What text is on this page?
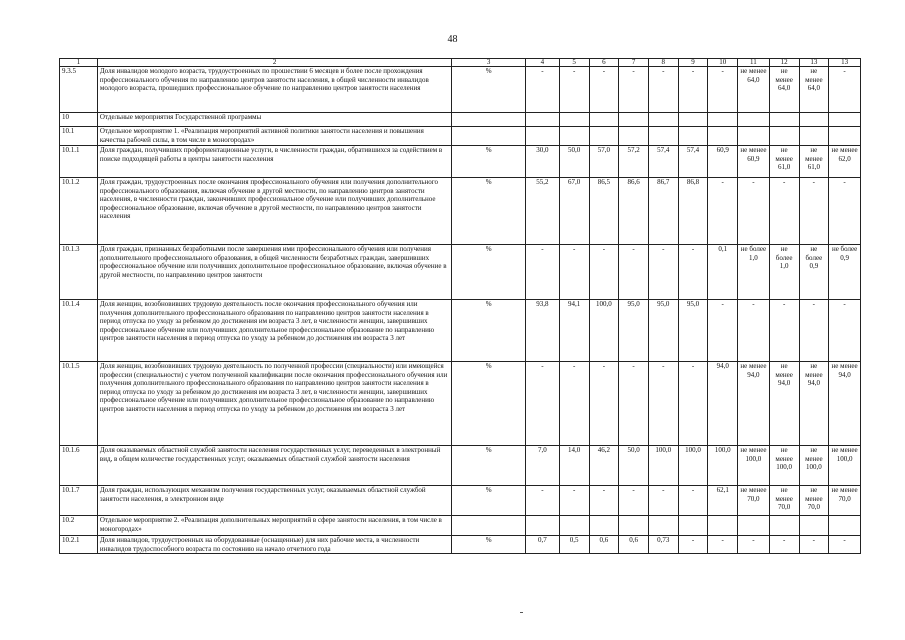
48
1	2	3	4	5	6	7	8	9	10	11	12	13	13
9.3.5	Доля инвалидов молодого возраста, трудоустроенных по прошествии 6 месяцев и более после прохождения профессионального обучения по направлению центров занятости населения, в общей численности инвалидов молодого возраста, прошедших профессиональное обучение по направлению центров занятости населения	%	-	-	-	-	-	-	-	не менее 64,0	не менее 64,0	не менее 64,0	-
10	Отдельные мероприятия Государственной программы												
10.1	Отдельное мероприятие 1. «Реализация мероприятий активной политики занятости населения и повышения качества рабочей силы, в том числе в моногородах»												
10.1.1	Доля граждан, получивших профориентационные услуги, в численности граждан, обратившихся за содействием в поиске подходящей работы в центры занятости населения	%	30,0	50,0	57,0	57,2	57,4	57,4	60,9	не менее 60,9	не менее 61,0	не менее 61,0	не менее 62,0
10.1.2	Доля граждан, трудоустроенных после окончания профессионального обучения или получения дополнительного профессионального образования, включая обучение в другой местности, по направлению центров занятости населения, в численности граждан, закончивших профессиональное обучение или получивших дополнительное профессиональное образование, включая обучение в другой местности, по направлению центров занятости населения	%	55,2	67,0	86,5	86,6	86,7	86,8	-	-	-	-	-
10.1.3	Доля граждан, признанных безработными после завершения ими профессионального обучения или получения дополнительного профессионального образования, в общей численности безработных граждан, завершивших профессиональное обучение или получивших дополнительное профессиональное образование, включая обучение в другой местности, по направлению центров занятости	%	-	-	-	-	-	-	0,1	не более 1,0	не более 1,0	не более 0,9	не более 0,9
10.1.4	Доля женщин, возобновивших трудовую деятельность после окончания профессионального обучения или получения дополнительного профессионального образования по направлению центров занятости населения в период отпуска по уходу за ребенком до достижения им возраста 3 лет, в численности женщин, завершивших профессиональное обучение или получивших дополнительное профессиональное образование по направлению центров занятости населения в период отпуска по уходу за ребенком до достижения им возраста 3 лет	%	93,8	94,1	100,0	95,0	95,0	95,0	-	-	-	-	-
10.1.5	Доля женщин, возобновивших трудовую деятельность по полученной профессии (специальности) или имеющейся профессии (специальности) с учетом полученной квалификации после окончания профессионального обучения или получения дополнительного профессионального образования по направлению центров занятости населения в период отпуска по уходу за ребенком до достижения им возраста 3 лет, в численности женщин, завершивших профессиональное обучение или получивших дополнительное профессиональное образование по направлению центров занятости населения в период отпуска по уходу за ребенком до достижения им возраста 3 лет	%	-	-	-	-	-	-	94,0	не менее 94,0	не менее 94,0	не менее 94,0	не менее 94,0
10.1.6	Доля оказываемых областной службой занятости населения государственных услуг, переведенных в электронный вид, в общем количестве государственных услуг, оказываемых областной службой занятости населения	%	7,0	14,0	46,2	50,0	100,0	100,0	100,0	не менее 100,0	не менее 100,0	не менее 100,0	не менее 100,0
10.1.7	Доля граждан, использующих механизм получения государственных услуг, оказываемых областной службой занятости населения, в электронном виде	%	-	-	-	-	-	-	62,1	не менее 70,0	не менее 70,0	не менее 70,0	не менее 70,0
10.2	Отдельное мероприятие 2. «Реализация дополнительных мероприятий в сфере занятости населения, в том числе в моногородах»												
10.2.1	Доля инвалидов, трудоустроенных на оборудованные (оснащенные) для них рабочие места, в численности инвалидов трудоспособного возраста по состоянию на начало отчетного года	%	0,7	0,5	0,6	0,6	0,73	-	-	-	-	-	-
